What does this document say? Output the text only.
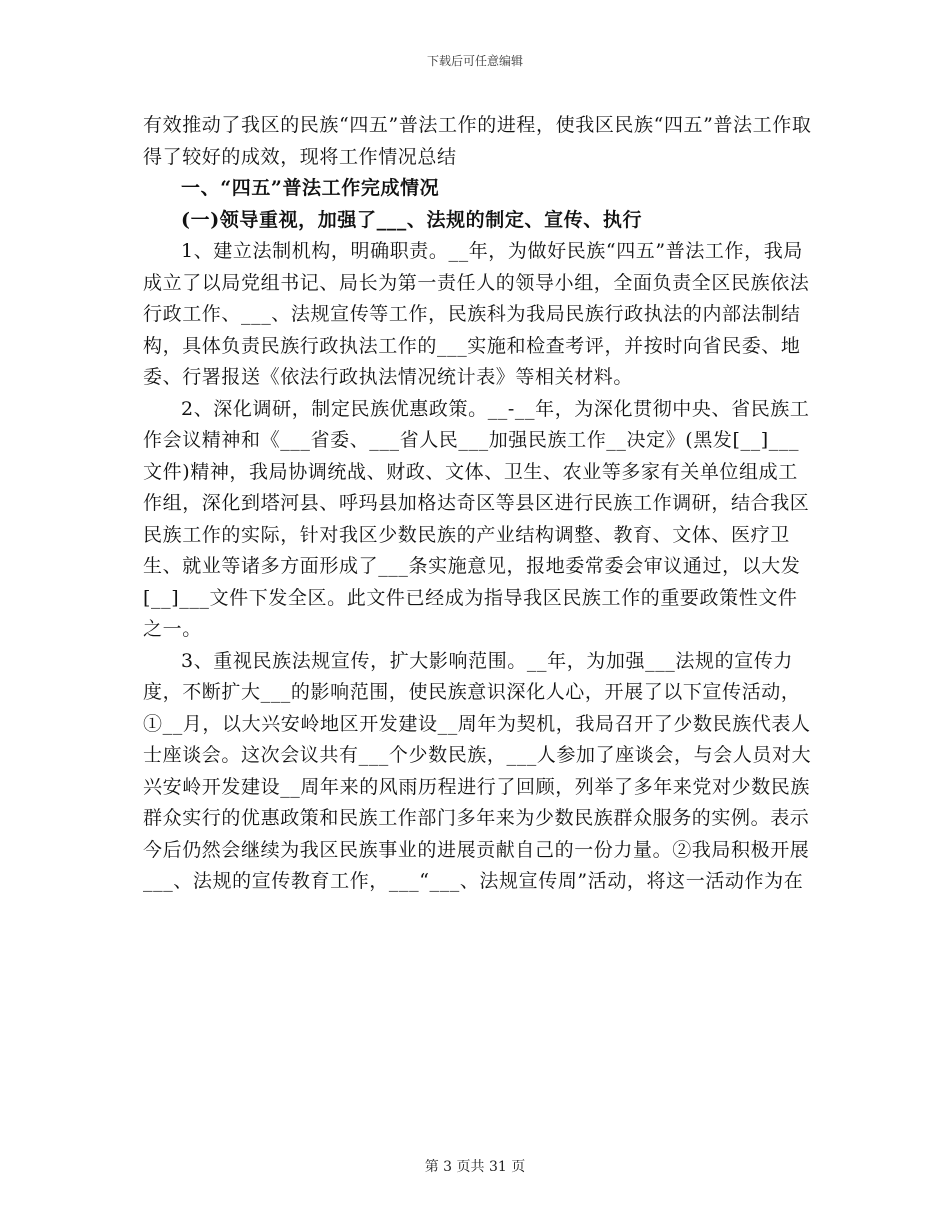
下载后可任意编辑

有效推动了我区的民族“四五”普法工作的进程，使我区民族“四五”普法工作取得了较好的成效，现将工作情况总结

一、“四五”普法工作完成情况

(一)领导重视，加强了___、法规的制定、宣传、执行

1、建立法制机构，明确职责。__年，为做好民族“四五”普法工作，我局成立了以局党组书记、局长为第一责任人的领导小组，全面负责全区民族依法行政工作、___、法规宣传等工作，民族科为我局民族行政执法的内部法制结构，具体负责民族行政执法工作的___实施和检查考评，并按时向省民委、地委、行署报送《依法行政执法情况统计表》等相关材料。

2、深化调研，制定民族优惠政策。__-__年，为深化贯彻中央、省民族工作会议精神和《___省委、___省人民___加强民族工作__决定》(黑发[__]___文件)精神，我局协调统战、财政、文体、卫生、农业等多家有关单位组成工作组，深化到塔河县、呼玛县加格达奇区等县区进行民族工作调研，结合我区民族工作的实际，针对我区少数民族的产业结构调整、教育、文体、医疗卫生、就业等诸多方面形成了___条实施意见，报地委常委会审议通过，以大发[__]___文件下发全区。此文件已经成为指导我区民族工作的重要政策性文件之一。

3、重视民族法规宣传，扩大影响范围。__年，为加强___法规的宣传力度，不断扩大___的影响范围，使民族意识深化人心，开展了以下宣传活动，①__月，以大兴安岭地区开发建设__周年为契机，我局召开了少数民族代表人士座谈会。这次会议共有___个少数民族，___人参加了座谈会，与会人员对大兴安岭开发建设__周年来的风雨历程进行了回顾，列举了多年来党对少数民族群众实行的优惠政策和民族工作部门多年来为少数民族群众服务的实例。表示今后仍然会继续为我区民族事业的进展贡献自己的一份力量。②我局积极开展___、法规的宣传教育工作，___“___、法规宣传周”活动，将这一活动作为在

第 3 页共 31 页
